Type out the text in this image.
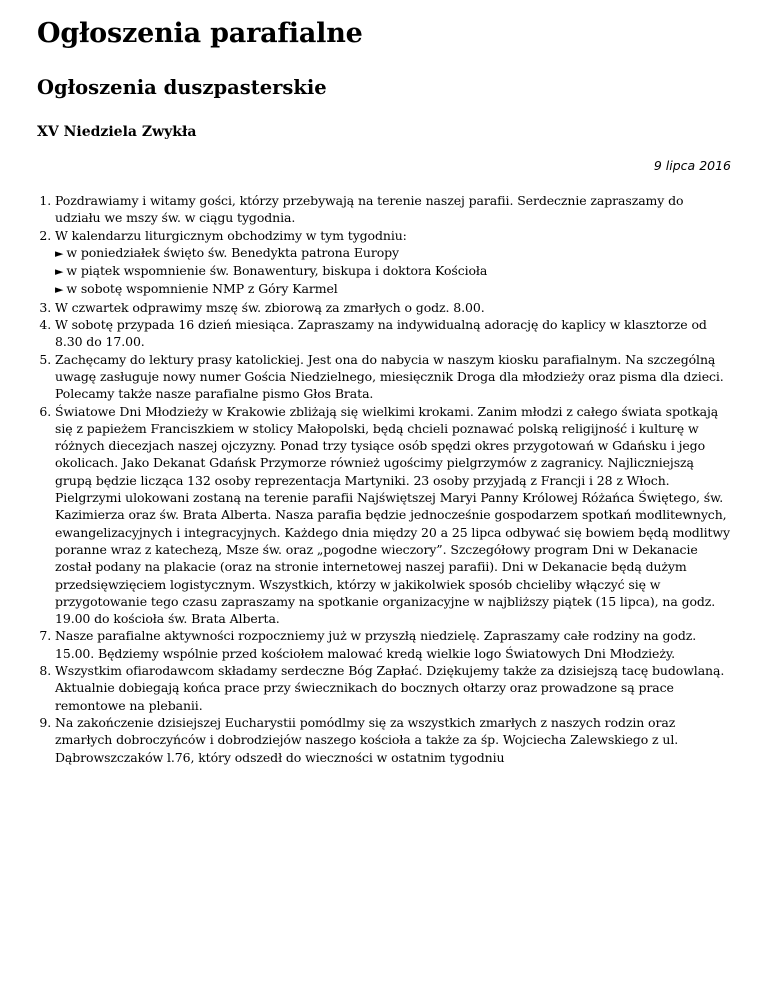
Ogłoszenia parafialne
Ogłoszenia duszpasterskie
XV Niedziela Zwykła

9 lipca 2016

1. Pozdrawiamy i witamy gości, którzy przebywają na terenie naszej parafii. Serdecznie zapraszamy do udziału we mszy św. w ciągu tygodnia.
2. W kalendarzu liturgicznym obchodzimy w tym tygodniu:
► w poniedziałek święto św. Benedykta patrona Europy
► w piątek wspomnienie św. Bonawentury, biskupa i doktora Kościoła
► w sobotę wspomnienie NMP z Góry Karmel
3. W czwartek odprawimy mszę św. zbiorową za zmarłych o godz. 8.00.
4. W sobotę przypada 16 dzień miesiąca. Zapraszamy na indywidualną adorację do kaplicy w klasztorze od 8.30 do 17.00.
5. Zachęcamy do lektury prasy katolickiej. Jest ona do nabycia w naszym kiosku parafialnym. Na szczególną uwagę zasługuje nowy numer Gościa Niedzielnego, miesięcznik Droga dla młodzieży oraz pisma dla dzieci. Polecamy także nasze parafialne pismo Głos Brata.
6. Światowe Dni Młodzieży w Krakowie zbliżają się wielkimi krokami. Zanim młodzi z całego świata spotkają się z papieżem Franciszkiem w stolicy Małopolski, będą chcieli poznawać polską religijność i kulturę w różnych diecezjach naszej ojczyzny. Ponad trzy tysiące osób spędzi okres przygotowań w Gdańsku i jego okolicach. Jako Dekanat Gdańsk Przymorze również ugościmy pielgrzymów z zagranicy. Najliczniejszą grupą będzie licząca 132 osoby reprezentacja Martyniki. 23 osoby przyjadą z Francji i 28 z Włoch. Pielgrzymi ulokowani zostaną na terenie parafii Najświętszej Maryi Panny Królowej Różańca Świętego, św. Kazimierza oraz św. Brata Alberta. Nasza parafia będzie jednocześnie gospodarzem spotkań modlitewnych, ewangelizacyjnych i integracyjnych. Każdego dnia między 20 a 25 lipca odbywać się bowiem będą modlitwy poranne wraz z katechezą, Msze św. oraz „pogodne wieczory”. Szczegółowy program Dni w Dekanacie został podany na plakacie (oraz na stronie internetowej naszej parafii). Dni w Dekanacie będą dużym przedsięwzięciem logistycznym. Wszystkich, którzy w jakikolwiek sposób chcieliby włączyć się w przygotowanie tego czasu zapraszamy na spotkanie organizacyjne w najbliższy piątek (15 lipca), na godz. 19.00 do kościoła św. Brata Alberta.
7. Nasze parafialne aktywności rozpoczniemy już w przyszłą niedzielę. Zapraszamy całe rodziny na godz. 15.00. Będziemy wspólnie przed kościołem malować kredą wielkie logo Światowych Dni Młodzieży.
8. Wszystkim ofiarodawcom składamy serdeczne Bóg Zapłać. Dziękujemy także za dzisiejszą tacę budowlaną. Aktualnie dobiegają końca prace przy świecznikach do bocznych ołtarzy oraz prowadzone są prace remontowe na plebanii.
9. Na zakończenie dzisiejszej Eucharystii pomódlmy się za wszystkich zmarłych z naszych rodzin oraz zmarłych dobroczyńców i dobrodziejów naszego kościoła a także za śp. Wojciecha Zalewskiego z ul. Dąbrowszczaków l.76, który odszedł do wieczności w ostatnim tygodniu
